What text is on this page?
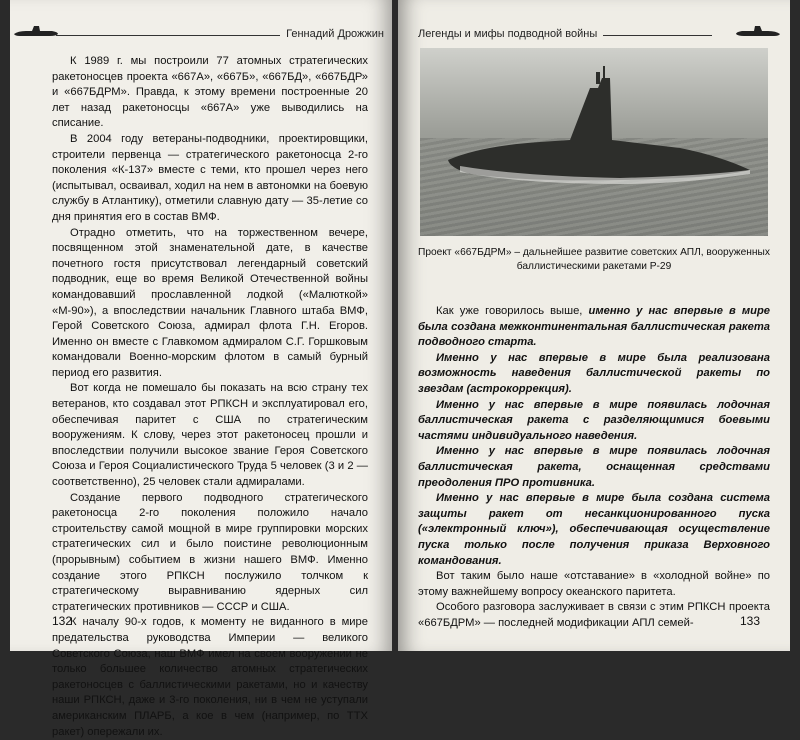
Геннадий Дрожжин

К 1989 г. мы построили 77 атомных стратегических ракетоносцев проекта «667А», «667Б», «667БД», «667БДР» и «667БДРМ». Правда, к этому времени построенные 20 лет назад ракетоносцы «667А» уже выводились на списание.

В 2004 году ветераны-подводники, проектировщики, строители первенца — стратегического ракетоносца 2-го поколения «К-137» вместе с теми, кто прошел через него (испытывал, осваивал, ходил на нем в автономки на боевую службу в Атлантику), отметили славную дату — 35-летие со дня принятия его в состав ВМФ.

Отрадно отметить, что на торжественном вечере, посвященном этой знаменательной дате, в качестве почетного гостя присутствовал легендарный советский подводник, еще во время Великой Отечественной войны командовавший прославленной лодкой («Малюткой» «М-90»), а впоследствии начальник Главного штаба ВМФ, Герой Советского Союза, адмирал флота Г.Н. Егоров. Именно он вместе с Главкомом адмиралом С.Г. Горшковым командовали Военно-морским флотом в самый бурный период его развития.

Вот когда не помешало бы показать на всю страну тех ветеранов, кто создавал этот РПКСН и эксплуатировал его, обеспечивая паритет с США по стратегическим вооружениям. К слову, через этот ракетоносец прошли и впоследствии получили высокое звание Героя Советского Союза и Героя Социалистического Труда 5 человек (3 и 2 — соответственно), 25 человек стали адмиралами.

Создание первого подводного стратегического ракетоносца 2-го поколения положило начало строительству самой мощной в мире группировки морских стратегических сил и было поистине революционным (прорывным) событием в жизни нашего ВМФ. Именно создание этого РПКСН послужило толчком к стратегическому выравниванию ядерных сил стратегических противников — СССР и США.

К началу 90-х годов, к моменту не виданного в мире предательства руководства Империи — великого Советского Союза, наш ВМФ имел на своем вооружении не только большее количество атомных стратегических ракетоносцев с баллистическими ракетами, но и качеству наши РПКСН, даже и 3-го поколения, ни в чем не уступали американским ПЛАРБ, а кое в чем (например, по ТТХ ракет) опережали их.

132
Легенды и мифы подводной войны
Проект «667БДРМ» – дальнейшее развитие советских АПЛ, вооруженных баллистическими ракетами Р-29

Как уже говорилось выше, именно у нас впервые в мире была создана межконтинентальная баллистическая ракета подводного старта.

Именно у нас впервые в мире была реализована возможность наведения баллистической ракеты по звездам (астрокоррекция).

Именно у нас впервые в мире появилась лодочная баллистическая ракета с разделяющимися боевыми частями индивидуального наведения.

Именно у нас впервые в мире появилась лодочная баллистическая ракета, оснащенная средствами преодоления ПРО противника.

Именно у нас впервые в мире была создана система защиты ракет от несанкционированного пуска («электронный ключ»), обеспечивающая осуществление пуска только после получения приказа Верховного командования.

Вот таким было наше «отставание» в «холодной войне» по этому важнейшему вопросу океанского паритета.

Особого разговора заслуживает в связи с этим РПКСН проекта «667БДРМ» — последней модификации АПЛ семей-	133
